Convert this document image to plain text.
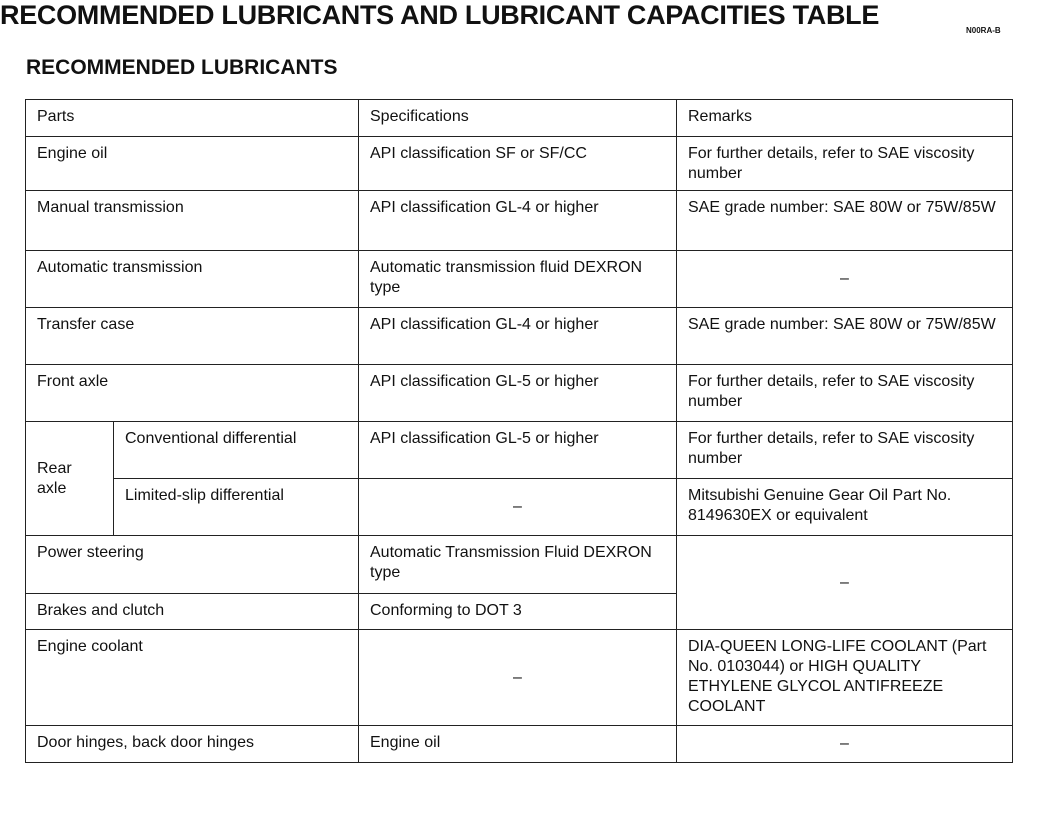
RECOMMENDED LUBRICANTS AND LUBRICANT CAPACITIES TABLE
N00RA-B
RECOMMENDED LUBRICANTS
Parts		Specifications	Remarks
Engine oil		API classification SF or SF/CC	For further details, refer to SAE viscosity number
Manual transmission		API classification GL-4 or higher	SAE grade number: SAE 80W or 75W/85W
Automatic transmission		Automatic transmission fluid DEXRON type	–
Transfer case		API classification GL-4 or higher	SAE grade number: SAE 80W or 75W/85W
Front axle		API classification GL-5 or higher	For further details, refer to SAE viscosity number
Rear axle	Conventional differential	API classification GL-5 or higher	For further details, refer to SAE viscosity number
	Limited-slip differential	–	Mitsubishi Genuine Gear Oil Part No. 8149630EX or equivalent
Power steering		Automatic Transmission Fluid DEXRON type	–
Brakes and clutch		Conforming to DOT 3	
Engine coolant		–	DIA-QUEEN LONG-LIFE COOLANT (Part No. 0103044) or HIGH QUALITY ETHYLENE GLYCOL ANTIFREEZE COOLANT
Door hinges, back door hinges		Engine oil	–
